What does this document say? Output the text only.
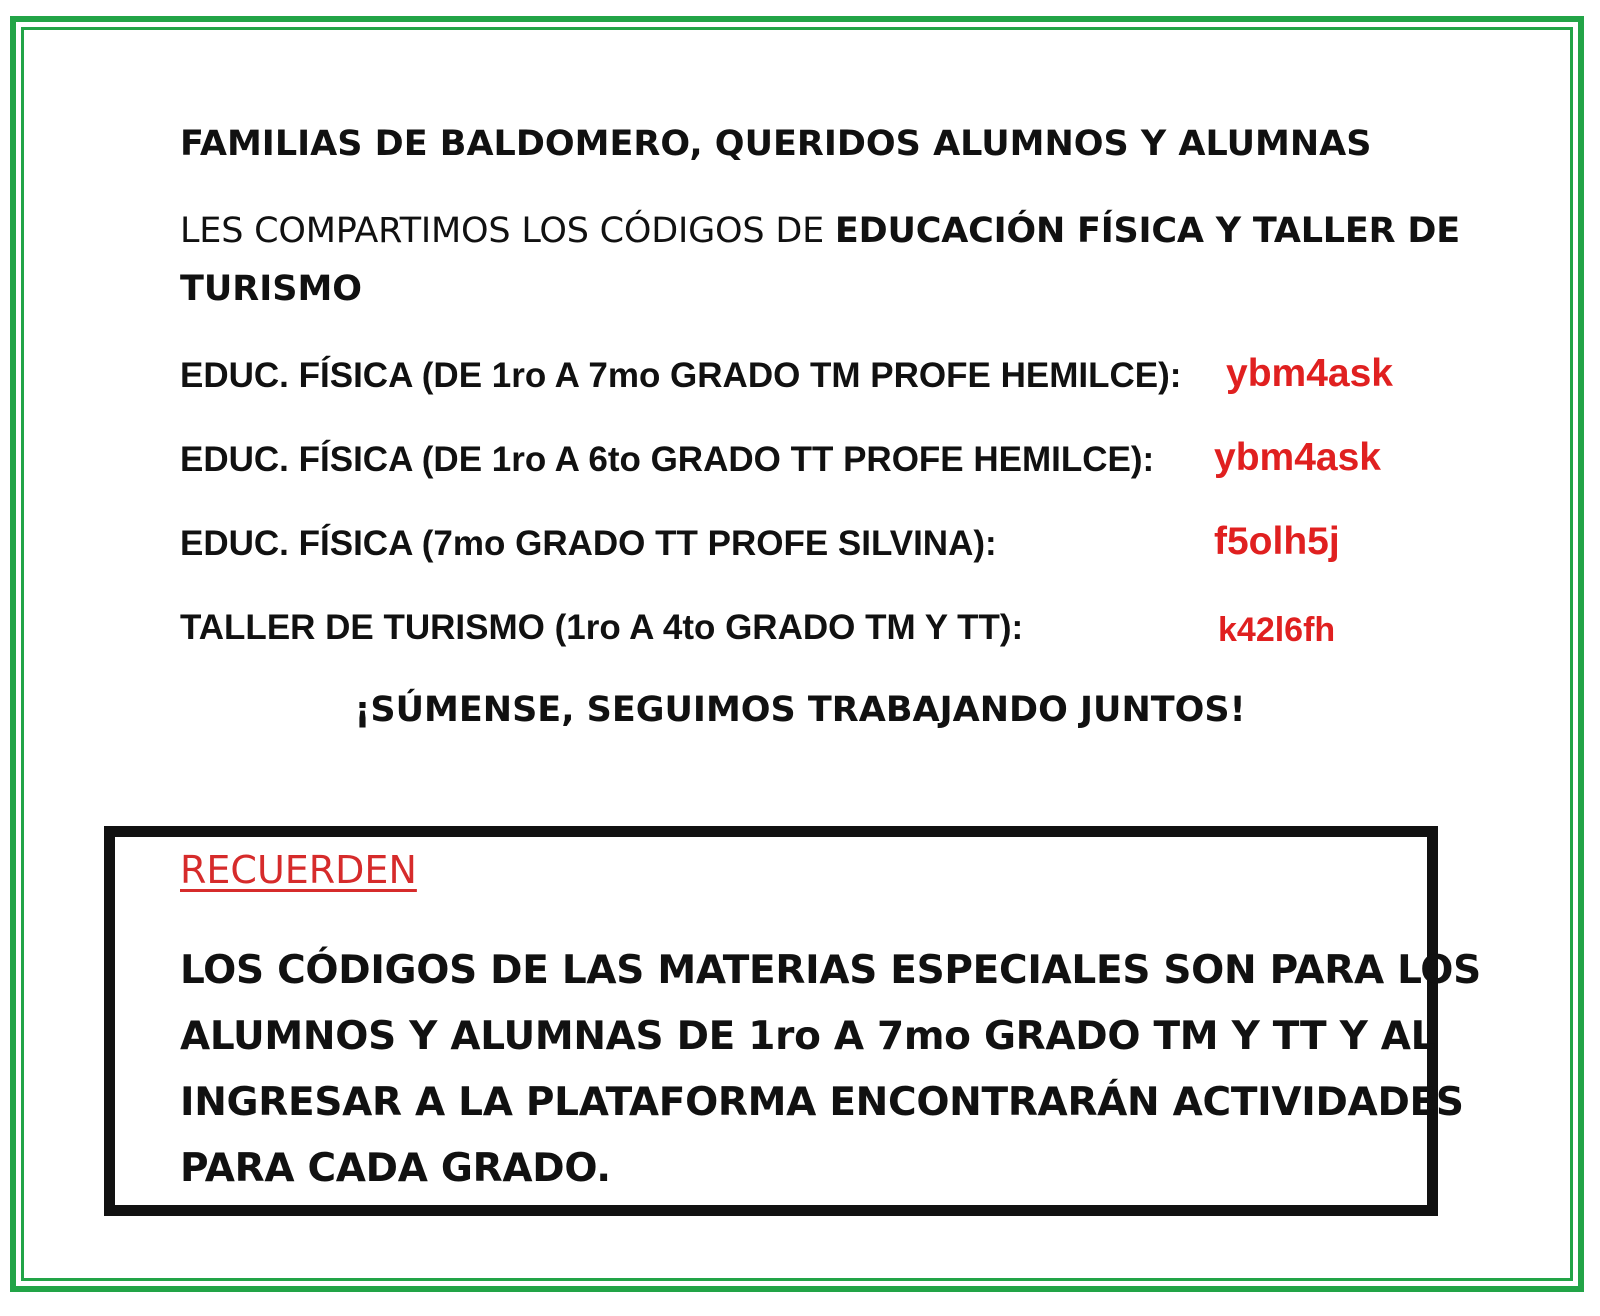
FAMILIAS DE BALDOMERO, QUERIDOS ALUMNOS Y ALUMNAS

LES COMPARTIMOS LOS CÓDIGOS DE EDUCACIÓN FÍSICA Y TALLER DE

TURISMO

EDUC. FÍSICA (DE 1ro A 7mo GRADO TM PROFE HEMILCE): ybm4ask

EDUC. FÍSICA (DE 1ro A 6to GRADO TT PROFE HEMILCE): ybm4ask

EDUC. FÍSICA (7mo GRADO TT PROFE SILVINA):	f5olh5j

TALLER DE TURISMO (1ro A 4to GRADO TM Y TT):	k42l6fh

¡SÚMENSE, SEGUIMOS TRABAJANDO JUNTOS!

RECUERDEN
LOS CÓDIGOS DE LAS MATERIAS ESPECIALES SON PARA LOS
ALUMNOS Y ALUMNAS DE 1ro A 7mo GRADO TM Y TT Y AL
INGRESAR A LA PLATAFORMA ENCONTRARÁN ACTIVIDADES
PARA CADA GRADO.
